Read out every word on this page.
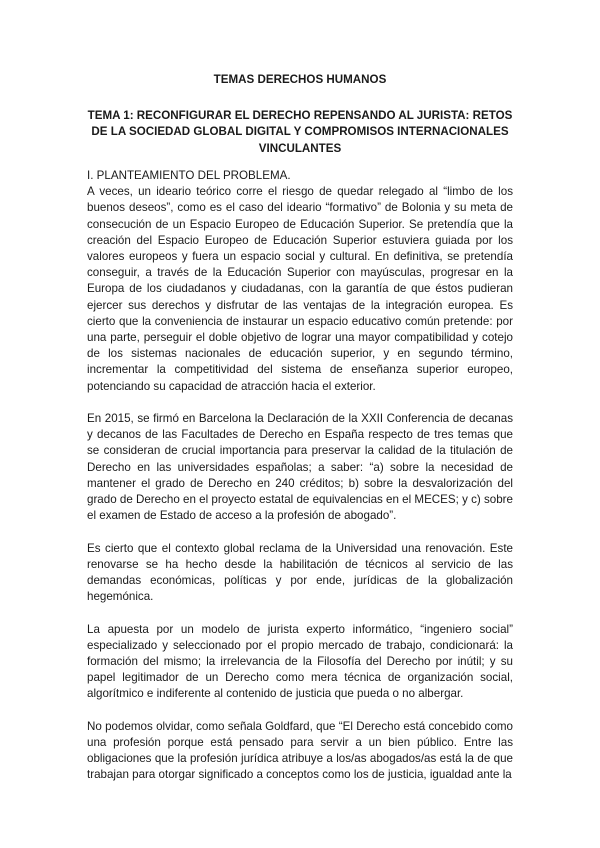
TEMAS DERECHOS HUMANOS
TEMA 1: RECONFIGURAR EL DERECHO REPENSANDO AL JURISTA: RETOS DE LA SOCIEDAD GLOBAL DIGITAL Y COMPROMISOS INTERNACIONALES VINCULANTES
I. PLANTEAMIENTO DEL PROBLEMA.

A veces, un ideario teórico corre el riesgo de quedar relegado al “limbo de los buenos deseos”, como es el caso del ideario “formativo” de Bolonia y su meta de consecución de un Espacio Europeo de Educación Superior. Se pretendía que la creación del Espacio Europeo de Educación Superior estuviera guiada por los valores europeos y fuera un espacio social y cultural. En definitiva, se pretendía conseguir, a través de la Educación Superior con mayúsculas, progresar en la Europa de los ciudadanos y ciudadanas, con la garantía de que éstos pudieran ejercer sus derechos y disfrutar de las ventajas de la integración europea. Es cierto que la conveniencia de instaurar un espacio educativo común pretende: por una parte, perseguir el doble objetivo de lograr una mayor compatibilidad y cotejo de los sistemas nacionales de educación superior, y en segundo término, incrementar la competitividad del sistema de enseñanza superior europeo, potenciando su capacidad de atracción hacia el exterior.

En 2015, se firmó en Barcelona la Declaración de la XXII Conferencia de decanas y decanos de las Facultades de Derecho en España respecto de tres temas que se consideran de crucial importancia para preservar la calidad de la titulación de Derecho en las universidades españolas; a saber: “a) sobre la necesidad de mantener el grado de Derecho en 240 créditos; b) sobre la desvalorización del grado de Derecho en el proyecto estatal de equivalencias en el MECES; y c) sobre el examen de Estado de acceso a la profesión de abogado”.

Es cierto que el contexto global reclama de la Universidad una renovación. Este renovarse se ha hecho desde la habilitación de técnicos al servicio de las demandas económicas, políticas y por ende, jurídicas de la globalización hegemónica.

La apuesta por un modelo de jurista experto informático, “ingeniero social” especializado y seleccionado por el propio mercado de trabajo, condicionará: la formación del mismo; la irrelevancia de la Filosofía del Derecho por inútil; y su papel legitimador de un Derecho como mera técnica de organización social, algorítmico e indiferente al contenido de justicia que pueda o no albergar.

No podemos olvidar, como señala Goldfard, que “El Derecho está concebido como una profesión porque está pensado para servir a un bien público. Entre las obligaciones que la profesión jurídica atribuye a los/as abogados/as está la de que trabajan para otorgar significado a conceptos como los de justicia, igualdad ante la
